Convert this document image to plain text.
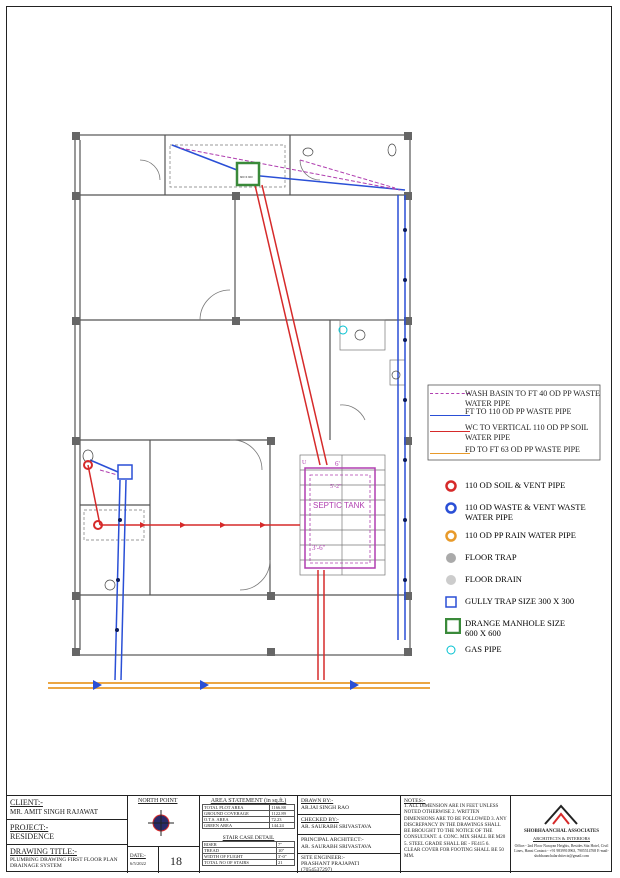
SEPTIC TANK
6'
3'-6"
U
5'-2"
600 X 600
WASH BASIN TO FT 40 OD PP WASTE WATER PIPE
FT TO 110 OD PP WASTE PIPE
WC TO VERTICAL 110 OD PP SOIL WATER PIPE
FD TO FT 63 OD PP WASTE PIPE
110 OD SOIL & VENT PIPE
110 OD WASTE & VENT WASTE WATER PIPE
110 OD PP RAIN WATER PIPE
FLOOR TRAP
FLOOR DRAIN
GULLY TRAP SIZE 300 X 300
DRANGE MANHOLE SIZE 600 X 600
GAS PIPE
CLIENT:-
MR. AMIT SINGH RAJAWAT
PROJECT:-
RESIDENCE
DRAWING TITLE:-
PLUMBING DRAWING FIRST FLOOR PLAN DRAINAGE SYSTEM
NORTH POINT
DATE:-
6/5/2022 18
AREA STATEMENT (in sq.ft.)
TOTAL PLOT AREA	1166.88
GROUND COVERAGE	1122.89
O.T.S. AREA	72.23
GREEN AREA	144.24
STAIR CASE DETAIL
RISER	7"
TREAD	10"
WIDTH OF FLIGHT	3'-0"
TOTAL NO OF STAIRS	21
DRAWN BY:-
AR.JAI SINGH RAO
CHECKED BY:-
AR. SAURABH SRIVASTAVA
PRINCIPAL ARCHITECT:-
AR. SAURABH SRIVASTAVA
SITE ENGINEER:-
PRASHANT PRAJAPATI
(7054537297)
NOTES:-
1. ALL DIMENSION ARE IN FEET UNLESS NOTED OTHERWISE 2. WRITTEN DIMENSIONS ARE TO BE FOLLOWED 3. ANY DISCREPANCY IN THE DRAWINGS SHALL BE BROUGHT TO THE NOTICE OF THE CONSULTANT. 4. CONC. MIX SHALL BE M20 5. STEEL GRADE SHALL BE - FE415 6. CLEAR COVER FOR FOOTING SHALL BE 50 MM.
SHOBHAANCHAL ASSOCIATES
ARCHITECTS & INTERIORS
Office:- 2nd Floor Narayan Heights, Besides Sita Hotel, Civil Lines, Hansi Contact:- +91 9839910963, 7905514768 E-mail-shobhaanchalarchitects@gmail.com
